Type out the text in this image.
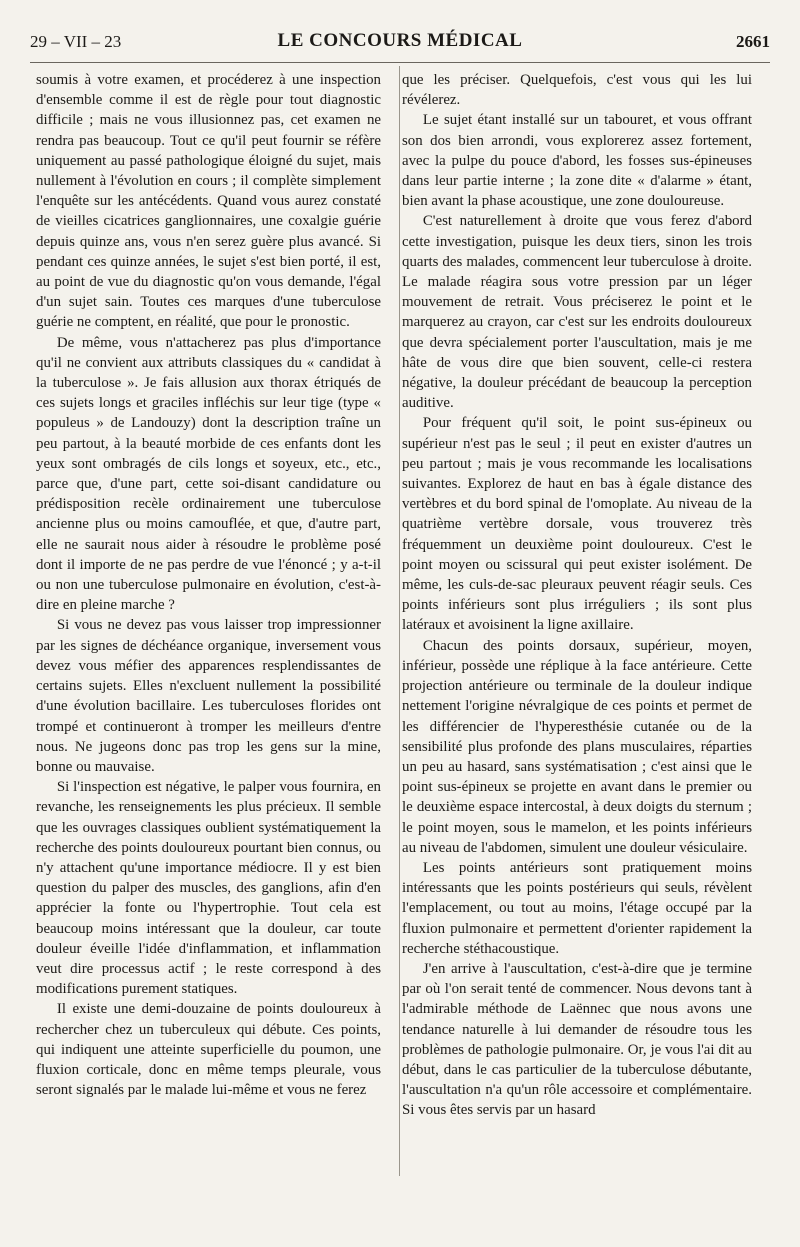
29 – VII – 23	LE CONCOURS MÉDICAL	2661

soumis à votre examen, et procéderez à une inspection d'ensemble comme il est de règle pour tout diagnostic difficile ; mais ne vous illusionnez pas, cet examen ne rendra pas beaucoup. Tout ce qu'il peut fournir se réfère uniquement au passé pathologique éloigné du sujet, mais nullement à l'évolution en cours ; il complète simplement l'enquête sur les antécédents. Quand vous aurez constaté de vieilles cicatrices ganglionnaires, une coxalgie guérie depuis quinze ans, vous n'en serez guère plus avancé. Si pendant ces quinze années, le sujet s'est bien porté, il est, au point de vue du diagnostic qu'on vous demande, l'égal d'un sujet sain. Toutes ces marques d'une tuberculose guérie ne comptent, en réalité, que pour le pronostic.

De même, vous n'attacherez pas plus d'importance qu'il ne convient aux attributs classiques du « candidat à la tuberculose ». Je fais allusion aux thorax étriqués de ces sujets longs et graciles infléchis sur leur tige (type « populeus » de Landouzy) dont la description traîne un peu partout, à la beauté morbide de ces enfants dont les yeux sont ombragés de cils longs et soyeux, etc., etc., parce que, d'une part, cette soi-disant candidature ou prédisposition recèle ordinairement une tuberculose ancienne plus ou moins camouflée, et que, d'autre part, elle ne saurait nous aider à résoudre le problème posé dont il importe de ne pas perdre de vue l'énoncé ; y a-t-il ou non une tuberculose pulmonaire en évolution, c'est-à-dire en pleine marche ?

Si vous ne devez pas vous laisser trop impressionner par les signes de déchéance organique, inversement vous devez vous méfier des apparences resplendissantes de certains sujets. Elles n'excluent nullement la possibilité d'une évolution bacillaire. Les tuberculoses florides ont trompé et continueront à tromper les meilleurs d'entre nous. Ne jugeons donc pas trop les gens sur la mine, bonne ou mauvaise.

Si l'inspection est négative, le palper vous fournira, en revanche, les renseignements les plus précieux. Il semble que les ouvrages classiques oublient systématiquement la recherche des points douloureux pourtant bien connus, ou n'y attachent qu'une importance médiocre. Il y est bien question du palper des muscles, des ganglions, afin d'en apprécier la fonte ou l'hypertrophie. Tout cela est beaucoup moins intéressant que la douleur, car toute douleur éveille l'idée d'inflammation, et inflammation veut dire processus actif ; le reste correspond à des modifications purement statiques.

Il existe une demi-douzaine de points douloureux à rechercher chez un tuberculeux qui débute. Ces points, qui indiquent une atteinte superficielle du poumon, une fluxion corticale, donc en même temps pleurale, vous seront signalés par le malade lui-même et vous ne ferez

que les préciser. Quelquefois, c'est vous qui les lui révélerez.

Le sujet étant installé sur un tabouret, et vous offrant son dos bien arrondi, vous explorerez assez fortement, avec la pulpe du pouce d'abord, les fosses sus-épineuses dans leur partie interne ; la zone dite « d'alarme » étant, bien avant la phase acoustique, une zone douloureuse.

C'est naturellement à droite que vous ferez d'abord cette investigation, puisque les deux tiers, sinon les trois quarts des malades, commencent leur tuberculose à droite. Le malade réagira sous votre pression par un léger mouvement de retrait. Vous préciserez le point et le marquerez au crayon, car c'est sur les endroits douloureux que devra spécialement porter l'auscultation, mais je me hâte de vous dire que bien souvent, celle-ci restera négative, la douleur précédant de beaucoup la perception auditive.

Pour fréquent qu'il soit, le point sus-épineux ou supérieur n'est pas le seul ; il peut en exister d'autres un peu partout ; mais je vous recommande les localisations suivantes. Explorez de haut en bas à égale distance des vertèbres et du bord spinal de l'omoplate. Au niveau de la quatrième vertèbre dorsale, vous trouverez très fréquemment un deuxième point douloureux. C'est le point moyen ou scissural qui peut exister isolément. De même, les culs-de-sac pleuraux peuvent réagir seuls. Ces points inférieurs sont plus irréguliers ; ils sont plus latéraux et avoisinent la ligne axillaire.

Chacun des points dorsaux, supérieur, moyen, inférieur, possède une réplique à la face antérieure. Cette projection antérieure ou terminale de la douleur indique nettement l'origine névralgique de ces points et permet de les différencier de l'hyperesthésie cutanée ou de la sensibilité plus profonde des plans musculaires, réparties un peu au hasard, sans systématisation ; c'est ainsi que le point sus-épineux se projette en avant dans le premier ou le deuxième espace intercostal, à deux doigts du sternum ; le point moyen, sous le mamelon, et les points inférieurs au niveau de l'abdomen, simulent une douleur vésiculaire.

Les points antérieurs sont pratiquement moins intéressants que les points postérieurs qui seuls, révèlent l'emplacement, ou tout au moins, l'étage occupé par la fluxion pulmonaire et permettent d'orienter rapidement la recherche stéthacoustique.

J'en arrive à l'auscultation, c'est-à-dire que je termine par où l'on serait tenté de commencer. Nous devons tant à l'admirable méthode de Laënnec que nous avons une tendance naturelle à lui demander de résoudre tous les problèmes de pathologie pulmonaire. Or, je vous l'ai dit au début, dans le cas particulier de la tuberculose débutante, l'auscultation n'a qu'un rôle accessoire et complémentaire. Si vous êtes servis par un hasard
